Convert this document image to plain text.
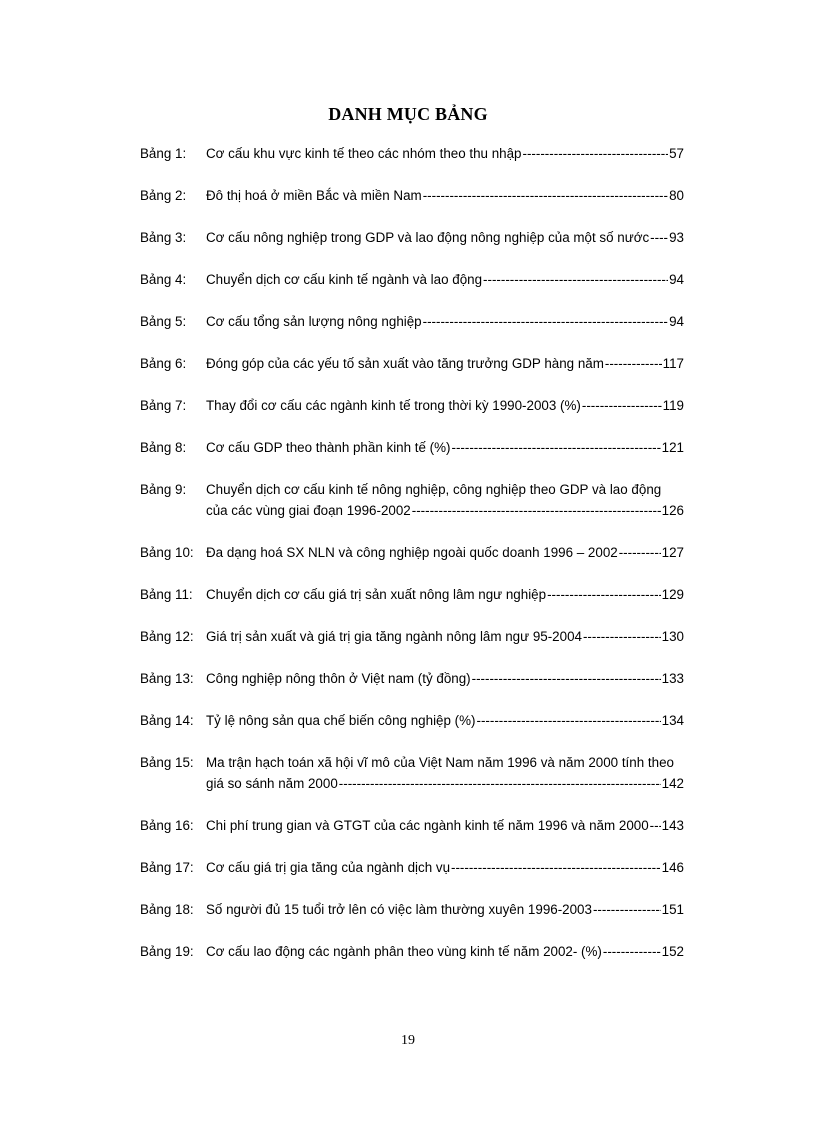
DANH MỤC BẢNG
Bảng 1:	Cơ cấu khu vực kinh tế theo các nhóm theo thu nhập -----	57
Bảng 2:	Đô thị hoá ở miền Bắc và miền Nam -----	80
Bảng 3:	Cơ cấu nông nghiệp trong GDP và lao động nông nghiệp của một số nước ----- 93
Bảng 4:	Chuyển dịch cơ cấu kinh tế ngành và lao động -----	94
Bảng 5:	Cơ cấu tổng sản lượng nông nghiệp -----	94
Bảng 6:	Đóng góp của các yếu tố sản xuất vào tăng trưởng GDP hàng năm -----	117
Bảng 7:	Thay đổi cơ cấu các ngành kinh tế trong thời kỳ 1990-2003 (%) -----	119
Bảng 8:	Cơ cấu GDP theo thành phần kinh tế (%) -----	121
Bảng 9:	Chuyển dịch cơ cấu kinh tế nông nghiệp, công nghiệp theo GDP và lao động
của các vùng giai đoạn 1996-2002 -----	126
Bảng 10: Đa dạng hoá SX NLN và công nghiệp ngoài quốc doanh 1996 – 2002 -----	127
Bảng 11: Chuyển dịch cơ cấu giá trị sản xuất nông lâm ngư nghiệp -----	129
Bảng 12: Giá trị sản xuất và giá trị gia tăng ngành nông lâm ngư 95-2004 -----	130
Bảng 13: Công nghiệp nông thôn ở Việt nam (tỷ đồng) -----	133
Bảng 14: Tỷ lệ nông sản qua chế biến công nghiệp (%) -----	134
Bảng 15: Ma trận hạch toán xã hội vĩ mô của Việt Nam năm 1996 và năm 2000 tính theo
giá so sánh năm 2000 -----	142
Bảng 16: Chi phí trung gian và GTGT của các ngành kinh tế năm 1996 và năm 2000 ----- 143
Bảng 17: Cơ cấu giá trị gia tăng của ngành dịch vụ -----	146
Bảng 18: Số người đủ 15 tuổi trở lên có việc làm thường xuyên 1996-2003 -----	151
Bảng 19: Cơ cấu lao động các ngành phân theo vùng kinh tế năm 2002- (%) -----	152
19
